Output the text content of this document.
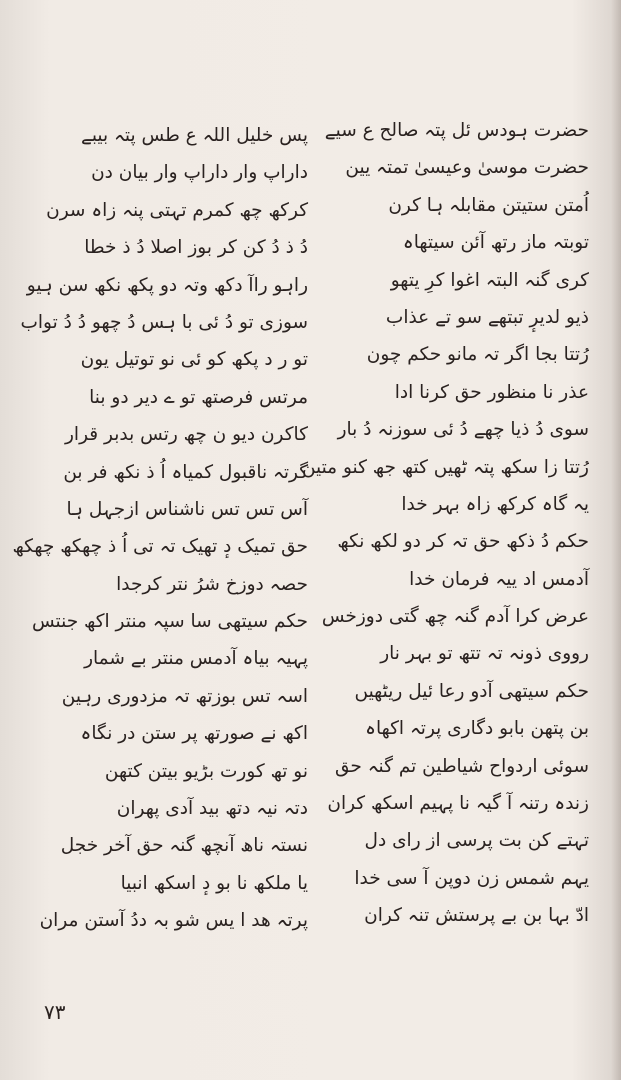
حضرت ہودس ئل پتہ صالح ع سیے
حضرت موسیٰ وعیسیٰ تمتہ یین
اُمتن ستیتن مقابلہ ہا کرن
توبتہ ماز رتھ آئن سیتھاہ
کری گنہ البتہ اغوا کرِ یتھو
ذیو لدیرٕ تبتھے سو تے عذاب
رُتتا بجا اگر تہ مانو حکم چون
عذر نا منظور حق کرنا ادا
سوی دُ ذیا چھے دُ ئی سوزنہ دُ بار
رُتتا زا سکھ پتہ ٹھیں کتھ جھ کنو متین
یہ گاہ کرکھ زاہ بہر خدا
حکم دُ ذکھ حق تہ کر دو لکھ نکھ
آدمس اد ییہ فرمان خدا
عرض کرا آدم گنہ چھ گتی دوزخس
رووی ذونہ تہ تتھ تو بہر نار
حکم سیتھی آدو رعا ئیل ریٹھیں
بن پتھن بابو دگاری پرتہ اکھاہ
سوئی اردواح شیاطین تم گنہ حق
زندہ رتنہ آ گیہ نا پہیم اسکھ کران
تہتے کن بت پرسی از رای دل
یہم شمس زن دوپن آ سی خدا
ادّ بہا بن بے پرستش تنہ کران
پس خلیل اللہ ع طس پتہ بیبے
داراپ وار داراپ وار بیان دن
کرکھ چھ کمرم تہتی پنہ زاہ سرن
دُ ذ دُ کن کر بوز اصلا دُ ذ خطا
راہو راآ دکھ وتہ دو پکھ نکھ سن ہیو
سوزی تو دُ ئی با ہس دُ چھو دُ دُ تواب
تو ر د پکھ کو ئی نو توتیل یون
مرتس فرصتھ تو ے دیر دو بنا
کاکرن دیو ن چھ رتس بدبر قرار
گرتہ ناقبول کمیاہ اُ ذ نکھ فر بن
آس تس تس ناشناس ازجہل ہا
حق تمیک دٕ تھیک تہ تی اُ ذ چھکھ چھکھ
حصہ دوزخ شرُ نتر کرجدا
حکم سیتھی سا سپہ منتر اکھ جنتس
پہیہ بیاہ آدمس منتر بے شمار
اسہ تس بوزتھ تہ مزدوری رہین
اکھ نے صورتھ پر ستن در نگاہ
نو تھ کورت بڑیو بیتن کتھن
دتہ نیہ دتھ بید آدی پھران
نستہ ناھ آنچھ گنہ حق آخر خجل
یا ملکھ نا بو دٕ اسکھ انبیا
پرتہ ھد ا یس شو بہ ددُ آستن مران
۷۳
